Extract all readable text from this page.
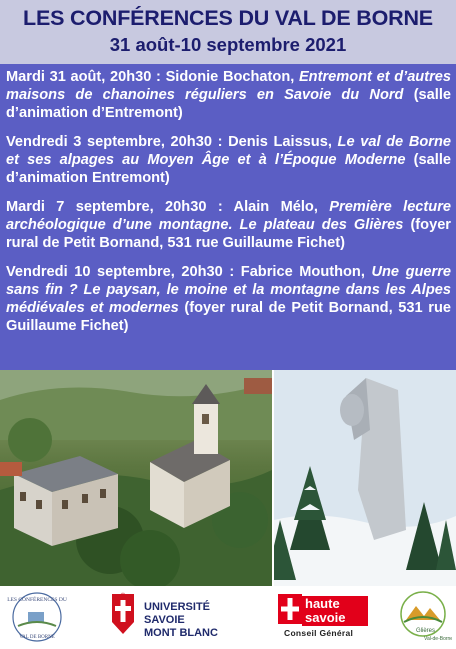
LES CONFÉRENCES DU VAL DE BORNE
31 août-10 septembre 2021
Mardi 31 août, 20h30 : Sidonie Bochaton, Entremont et d’autres maisons de chanoines réguliers en Savoie du Nord (salle d’animation d’Entremont)
Vendredi 3 septembre, 20h30 : Denis Laissus, Le val de Borne et ses alpages au Moyen Âge et à l’Époque Moderne (salle d’animation Entremont)
Mardi 7 septembre, 20h30 : Alain Mélo, Première lecture archéologique d’une montagne. Le plateau des Glières (foyer rural de Petit Bornand, 531 rue Guillaume Fichet)
Vendredi 10 septembre, 20h30 : Fabrice Mouthon, Une guerre sans fin ? Le paysan, le moine et la montagne dans les Alpes médiévales et modernes (foyer rural de Petit Bornand, 531 rue Guillaume Fichet)
LES CONFÉRENCES DU
VAL DE BORNE
♛
UNIVERSITÉ
SAVOIE
MONT BLANC
haute savoie
Conseil Général	Glières
Val-de-Borne
